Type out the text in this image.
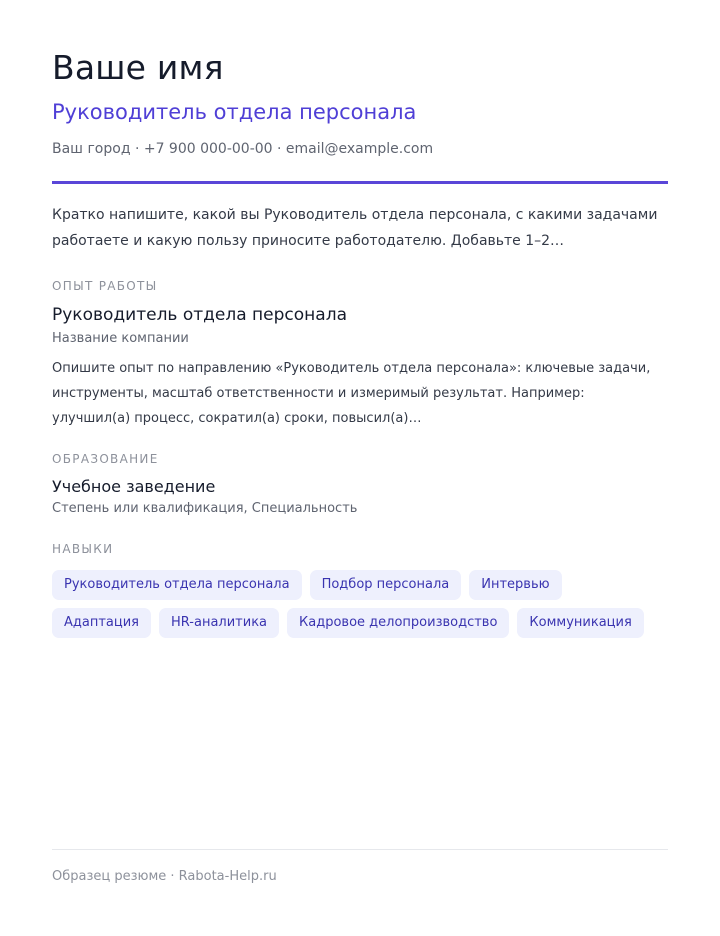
Ваше имя
Руководитель отдела персонала
Ваш город · +7 900 000-00-00 · email@example.com

Кратко напишите, какой вы Руководитель отдела персонала, с какими задачами работаете и какую пользу приносите работодателю. Добавьте 1–2…

ОПЫТ РАБОТЫ
Руководитель отдела персонала
Название компании

Опишите опыт по направлению «Руководитель отдела персонала»: ключевые задачи, инструменты, масштаб ответственности и измеримый результат. Например: улучшил(а) процесс, сократил(а) сроки, повысил(а)…

ОБРАЗОВАНИЕ
Учебное заведение
Степень или квалификация, Специальность
НАВЫКИ
Руководитель отдела персонала	Подбор персонала	Интервью
Адаптация	HR-аналитика	Кадровое делопроизводство	Коммуникация
Образец резюме · Rabota-Help.ru
